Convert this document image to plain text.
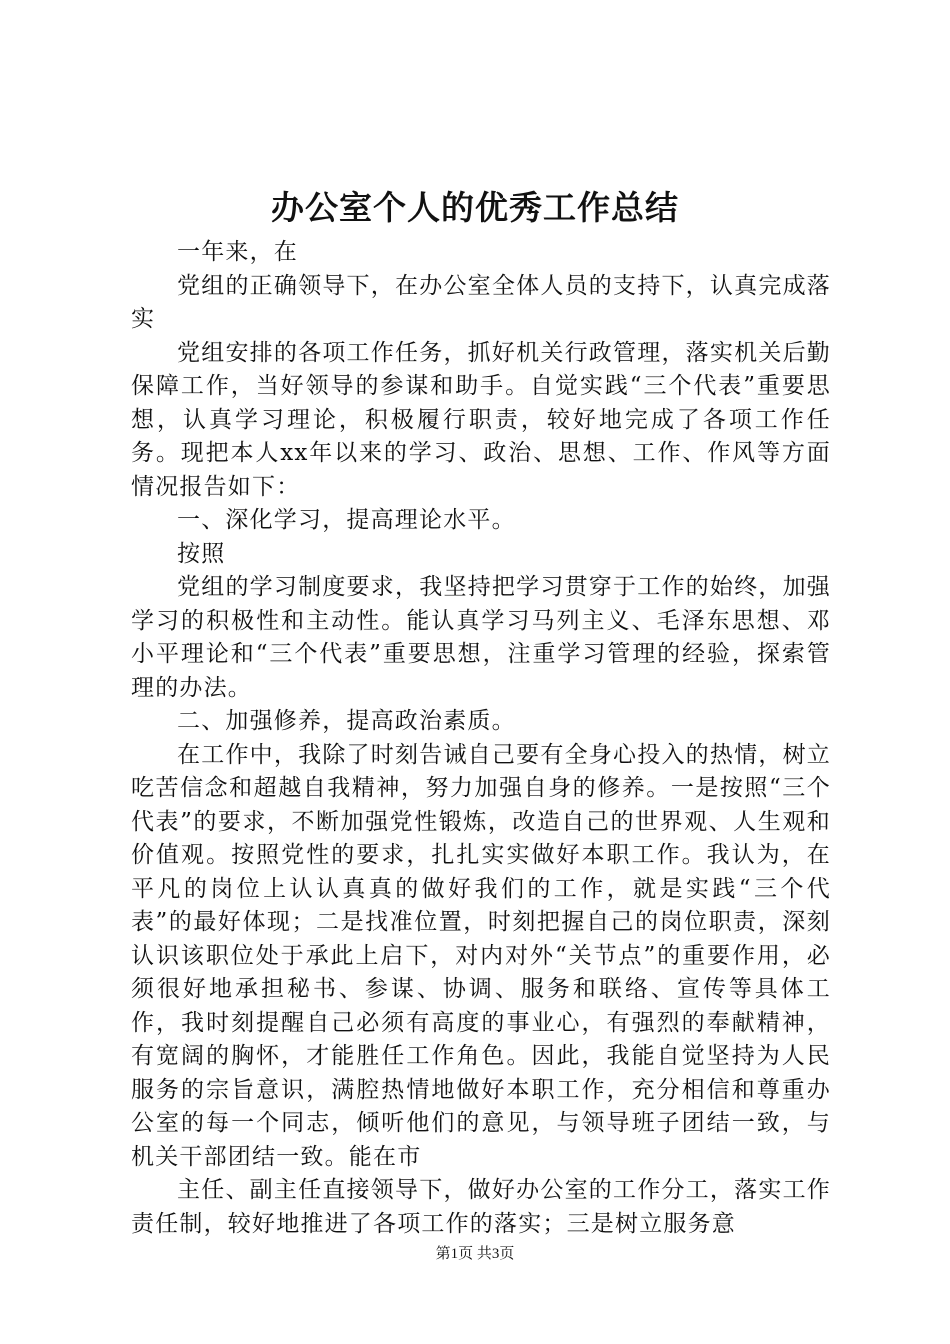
办公室个人的优秀工作总结

一年来，在

党组的正确领导下，在办公室全体人员的支持下，认真完成落实

党组安排的各项工作任务，抓好机关行政管理，落实机关后勤保障工作，当好领导的参谋和助手。自觉实践“三个代表”重要思想，认真学习理论，积极履行职责，较好地完成了各项工作任务。现把本人xx年以来的学习、政治、思想、工作、作风等方面情况报告如下：

一、深化学习，提高理论水平。

按照

党组的学习制度要求，我坚持把学习贯穿于工作的始终，加强学习的积极性和主动性。能认真学习马列主义、毛泽东思想、邓小平理论和“三个代表”重要思想，注重学习管理的经验，探索管理的办法。

二、加强修养，提高政治素质。

在工作中，我除了时刻告诫自己要有全身心投入的热情，树立吃苦信念和超越自我精神，努力加强自身的修养。一是按照“三个代表”的要求，不断加强党性锻炼，改造自己的世界观、人生观和价值观。按照党性的要求，扎扎实实做好本职工作。我认为，在平凡的岗位上认认真真的做好我们的工作，就是实践“三个代表”的最好体现；二是找准位置，时刻把握自己的岗位职责，深刻认识该职位处于承此上启下，对内对外“关节点”的重要作用，必须很好地承担秘书、参谋、协调、服务和联络、宣传等具体工作，我时刻提醒自己必须有高度的事业心，有强烈的奉献精神，有宽阔的胸怀，才能胜任工作角色。因此，我能自觉坚持为人民服务的宗旨意识，满腔热情地做好本职工作，充分相信和尊重办公室的每一个同志，倾听他们的意见，与领导班子团结一致，与机关干部团结一致。能在市

主任、副主任直接领导下，做好办公室的工作分工，落实工作责任制，较好地推进了各项工作的落实；三是树立服务意

第1页 共3页
